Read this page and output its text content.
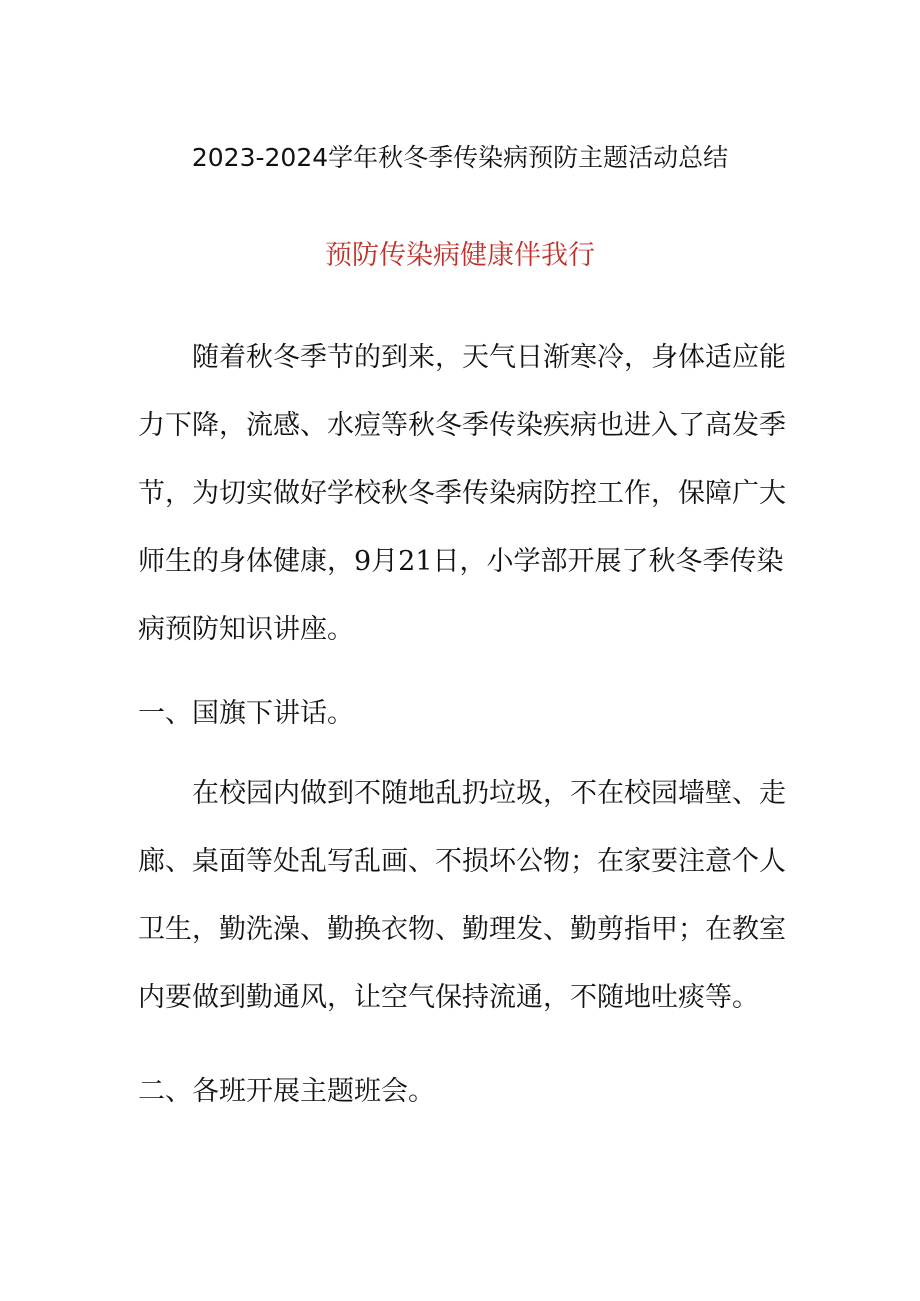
2023-2024学年秋冬季传染病预防主题活动总结
预防传染病健康伴我行

随着秋冬季节的到来，天气日渐寒冷，身体适应能力下降，流感、水痘等秋冬季传染疾病也进入了高发季节，为切实做好学校秋冬季传染病防控工作，保障广大师生的身体健康，9月21日，小学部开展了秋冬季传染病预防知识讲座。

一、国旗下讲话。

在校园内做到不随地乱扔垃圾，不在校园墙壁、走廊、桌面等处乱写乱画、不损坏公物；在家要注意个人卫生，勤洗澡、勤换衣物、勤理发、勤剪指甲；在教室内要做到勤通风，让空气保持流通，不随地吐痰等。

二、各班开展主题班会。
